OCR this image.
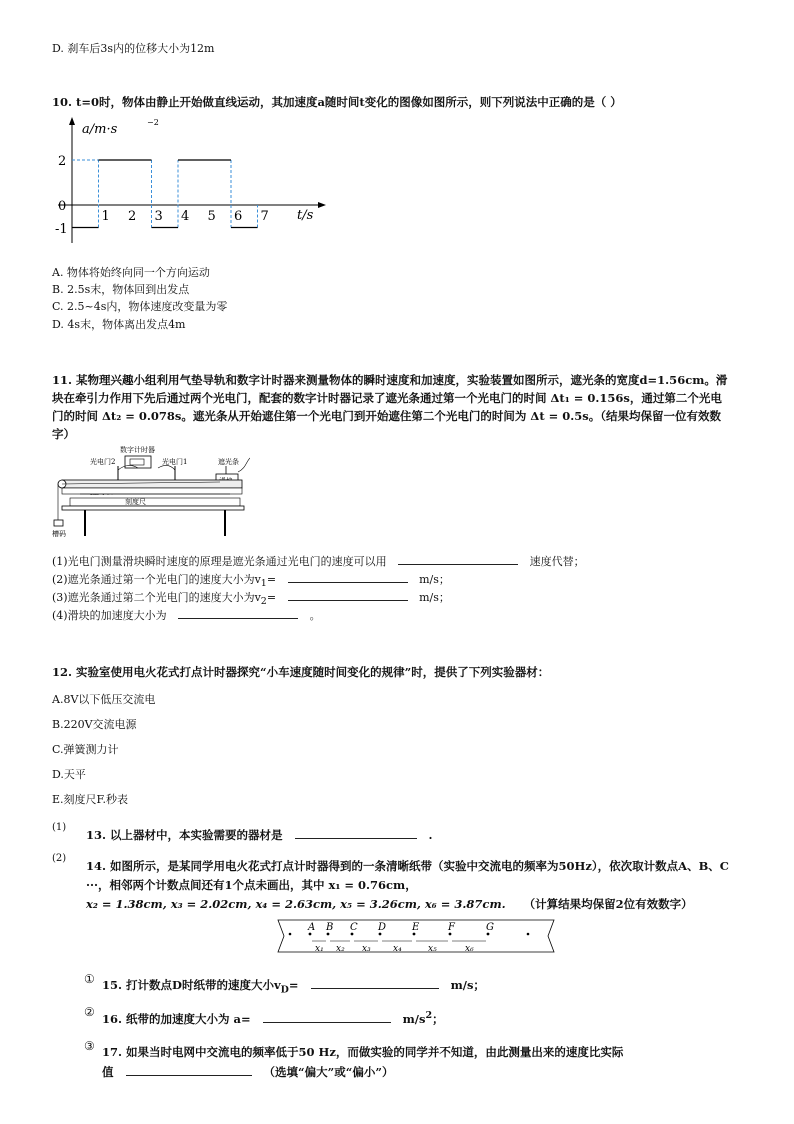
D. 刹车后3s内的位移大小为12m
10. t=0时，物体由静止开始做直线运动，其加速度a随时间t变化的图像如图所示，则下列说法中正确的是（ ）
a/m·s	−2
t/s
2
0
-1
1 2 3 4 5 6 7
A. 物体将始终向同一个方向运动
B. 2.5s末，物体回到出发点
C. 2.5~4s内，物体速度改变量为零
D. 4s末，物体离出发点4m
11. 某物理兴趣小组利用气垫导轨和数字计时器来测量物体的瞬时速度和加速度，实验装置如图所示，遮光条的宽度d=1.56cm。滑
块在牵引力作用下先后通过两个光电门，配套的数字计时器记录了遮光条通过第一个光电门的时间 Δt₁ = 0.156s，通过第二个光电
门的时间 Δt₂ = 0.078s。遮光条从开始遮住第一个光电门到开始遮住第二个光电门的时间为 Δt = 0.5s。（结果均保留一位有效数
字）
数字计时器
光电门2	光电门1	遮光条
刻度尺
槽码
(1)光电门测量滑块瞬时速度的原理是遮光条通过光电门的速度可以用	速度代替；
(2)遮光条通过第一个光电门的速度大小为$v_1=$	m/s；
(3)遮光条通过第二个光电门的速度大小为$v_2=$	m/s；
(4)滑块的加速度大小为	。
12. 实验室使用电火花式打点计时器探究“小车速度随时间变化的规律”时，提供了下列实验器材：
A.8V以下低压交流电
B.220V交流电源
C.弹簧测力计
D.天平
E.刻度尺F.秒表
(1)
13. 以上器材中，本实验需要的器材是	.
(2)
14. 如图所示，是某同学用电火花式打点计时器得到的一条清晰纸带（实验中交流电的频率为50Hz），依次取计数点A、B、C
···，相邻两个计数点间还有1个点未画出，其中 x₁ = 0.76cm，
x₂ = 1.38cm, x₃ = 2.02cm, x₄ = 2.63cm, x₅ = 3.26cm, x₆ = 3.87cm. （计算结果均保留2位有效数字）
A B C D	E	F	G
x₁ x₂ x₃ x₄	x₅	x₆
① 15. 打计数点D时纸带的速度大小$v_D=$	m/s；
② 16. 纸带的加速度大小为 a=	$m/s^2$；
③ 17. 如果当时电网中交流电的频率低于50 Hz，而做实验的同学并不知道，由此测量出来的速度比实际
值	（选填“偏大”或“偏小”）
